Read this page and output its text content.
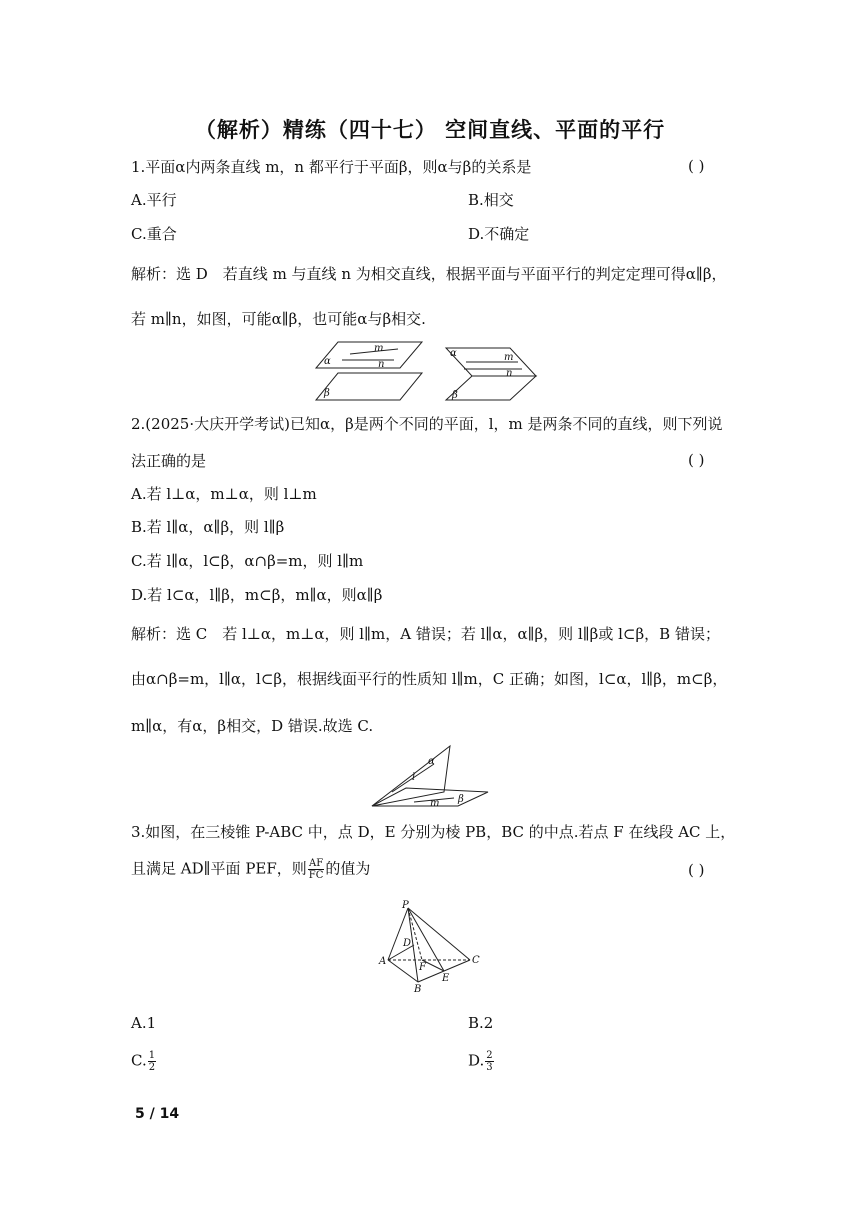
（解析）精练（四十七） 空间直线、平面的平行
1.平面α内两条直线 m，n 都平行于平面β，则α与β的关系是	( )
A.平行	B.相交
C.重合	D.不确定
解析：选 D　若直线 m 与直线 n 为相交直线，根据平面与平面平行的判定定理可得α∥β，
若 m∥n，如图，可能α∥β，也可能α与β相交.
α
m
n
β
α	m
n
β
2.(2025·大庆开学考试)已知α，β是两个不同的平面，l，m 是两条不同的直线，则下列说
法正确的是	( )
A.若 l⊥α，m⊥α，则 l⊥m
B.若 l∥α，α∥β，则 l∥β
C.若 l∥α，l⊂β，α∩β=m，则 l∥m
D.若 l⊂α，l∥β，m⊂β，m∥α，则α∥β
解析：选 C　若 l⊥α，m⊥α，则 l∥m，A 错误；若 l∥α，α∥β，则 l∥β或 l⊂β，B 错误；
由α∩β=m，l∥α，l⊂β，根据线面平行的性质知 l∥m，C 正确；如图，l⊂α，l∥β，m⊂β，
m∥α，有α，β相交，D 错误.故选 C.
α
l
m β
3.如图，在三棱锥 P-ABC 中，点 D，E 分别为棱 PB，BC 的中点.若点 F 在线段 AC 上，
且满足 AD∥平面 PEF，则 $\frac{AF}{FC}$ 的值为	( )
P
A
B
C
D
E
F
A.1	B.2
C. $\frac{1}{2}$	D. $\frac{2}{3}$
5 / 14
